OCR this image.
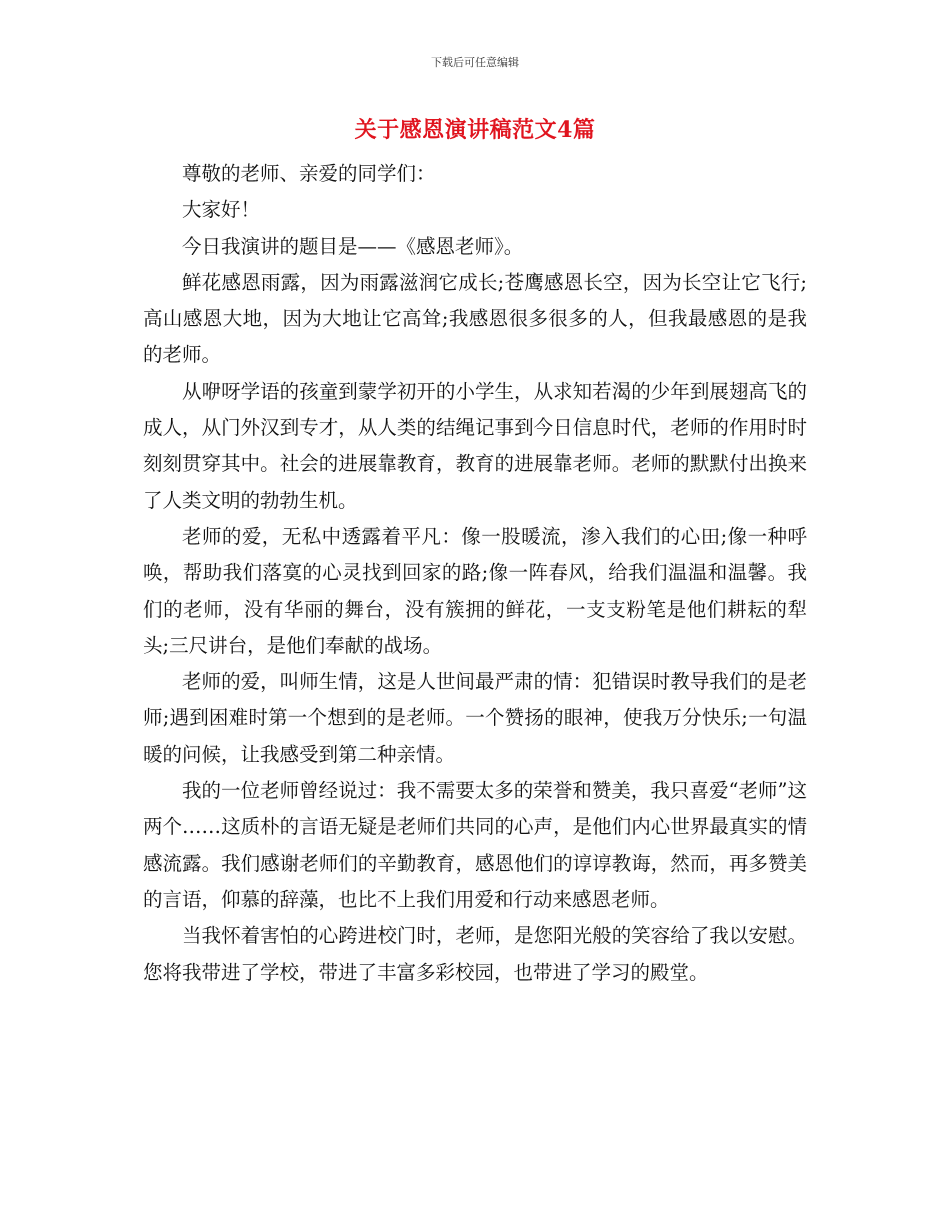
下载后可任意编辑
关于感恩演讲稿范文4篇

尊敬的老师、亲爱的同学们：

大家好！

今日我演讲的题目是——《感恩老师》。

鲜花感恩雨露，因为雨露滋润它成长;苍鹰感恩长空，因为长空让它飞行;高山感恩大地，因为大地让它高耸;我感恩很多很多的人，但我最感恩的是我的老师。

从咿呀学语的孩童到蒙学初开的小学生，从求知若渴的少年到展翅高飞的成人，从门外汉到专才，从人类的结绳记事到今日信息时代，老师的作用时时刻刻贯穿其中。社会的进展靠教育，教育的进展靠老师。老师的默默付出换来了人类文明的勃勃生机。

老师的爱，无私中透露着平凡：像一股暖流，渗入我们的心田;像一种呼唤，帮助我们落寞的心灵找到回家的路;像一阵春风，给我们温温和温馨。我们的老师，没有华丽的舞台，没有簇拥的鲜花，一支支粉笔是他们耕耘的犁头;三尺讲台，是他们奉献的战场。

老师的爱，叫师生情，这是人世间最严肃的情：犯错误时教导我们的是老师;遇到困难时第一个想到的是老师。一个赞扬的眼神，使我万分快乐;一句温暖的问候，让我感受到第二种亲情。

我的一位老师曾经说过：我不需要太多的荣誉和赞美，我只喜爱“老师”这两个……这质朴的言语无疑是老师们共同的心声，是他们内心世界最真实的情感流露。我们感谢老师们的辛勤教育，感恩他们的谆谆教诲，然而，再多赞美的言语，仰慕的辞藻，也比不上我们用爱和行动来感恩老师。

当我怀着害怕的心跨进校门时，老师，是您阳光般的笑容给了我以安慰。您将我带进了学校，带进了丰富多彩校园，也带进了学习的殿堂。
